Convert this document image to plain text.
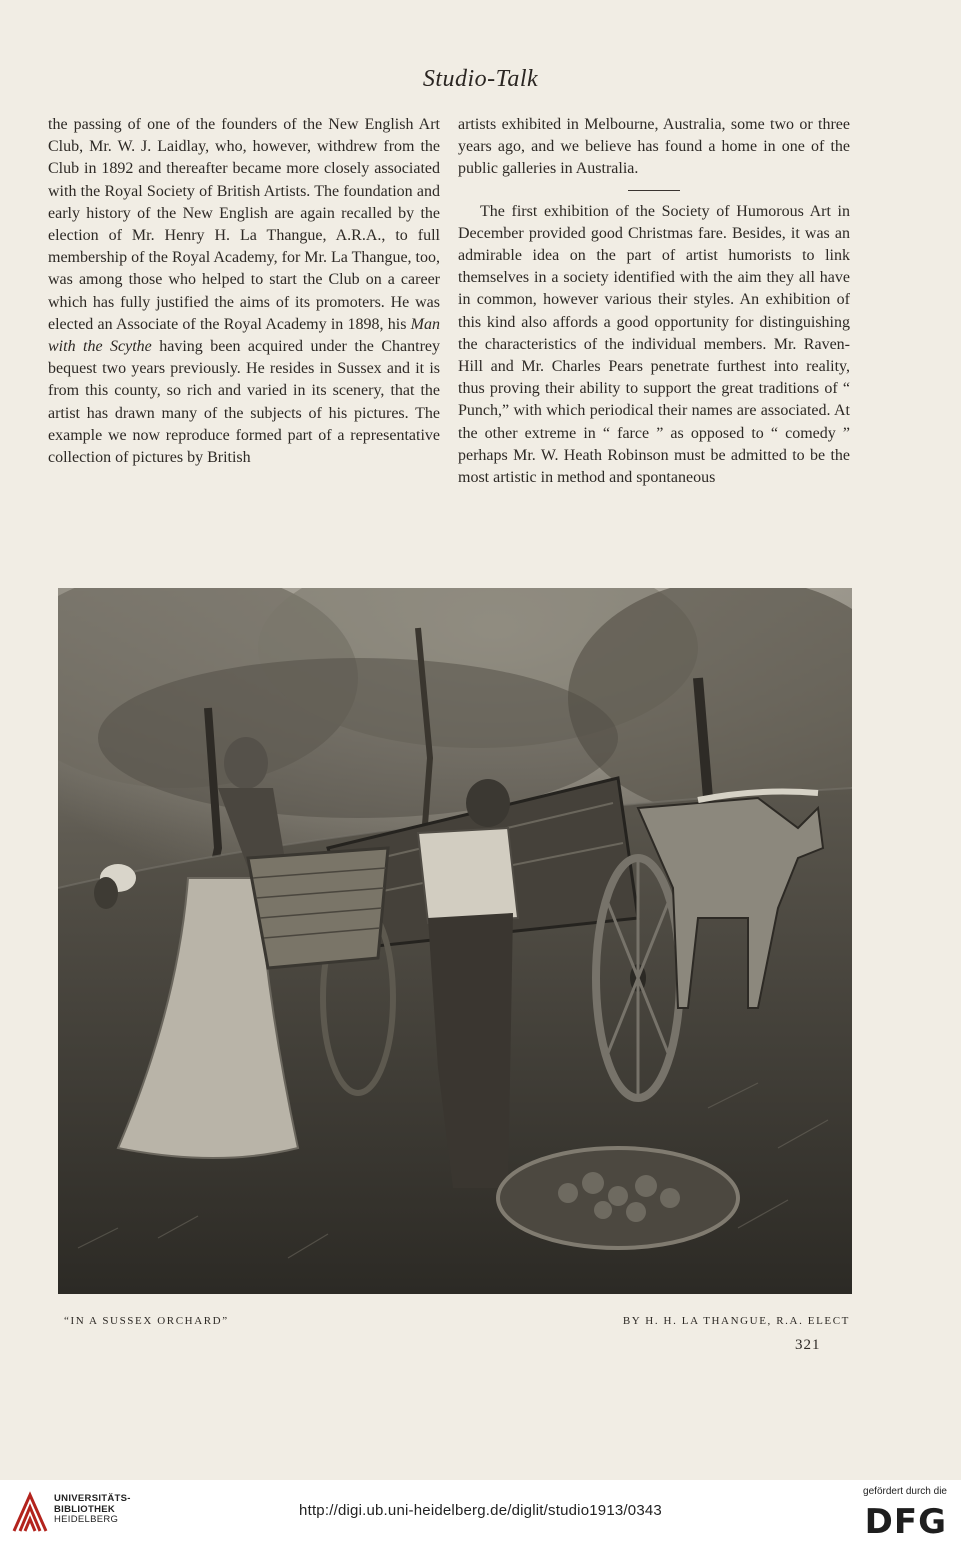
Studio-Talk

the passing of one of the founders of the New English Art Club, Mr. W. J. Laidlay, who, however, withdrew from the Club in 1892 and thereafter became more closely associated with the Royal Society of British Artists. The foundation and early history of the New English are again recalled by the election of Mr. Henry H. La Thangue, A.R.A., to full membership of the Royal Academy, for Mr. La Thangue, too, was among those who helped to start the Club on a career which has fully justified the aims of its promoters. He was elected an Associate of the Royal Academy in 1898, his Man with the Scythe having been acquired under the Chantrey bequest two years previously. He resides in Sussex and it is from this county, so rich and varied in its scenery, that the artist has drawn many of the subjects of his pictures. The example we now reproduce formed part of a representative collection of pictures by British

artists exhibited in Melbourne, Australia, some two or three years ago, and we believe has found a home in one of the public galleries in Australia.

The first exhibition of the Society of Humorous Art in December provided good Christmas fare. Besides, it was an admirable idea on the part of artist humorists to link themselves in a society identified with the aim they all have in common, however various their styles. An exhibition of this kind also affords a good opportunity for distinguishing the characteristics of the individual members. Mr. Raven-Hill and Mr. Charles Pears penetrate furthest into reality, thus proving their ability to support the great traditions of “ Punch,” with which periodical their names are associated. At the other extreme in “ farce ” as opposed to “ comedy ” perhaps Mr. W. Heath Robinson must be admitted to be the most artistic in method and spontaneous

“IN A SUSSEX ORCHARD”	BY H. H. LA THANGUE, R.A. ELECT
321
UNIVERSITÄTS-
BIBLIOTHEK
HEIDELBERG
http://digi.ub.uni-heidelberg.de/diglit/studio1913/0343
gefördert durch die
DFG
